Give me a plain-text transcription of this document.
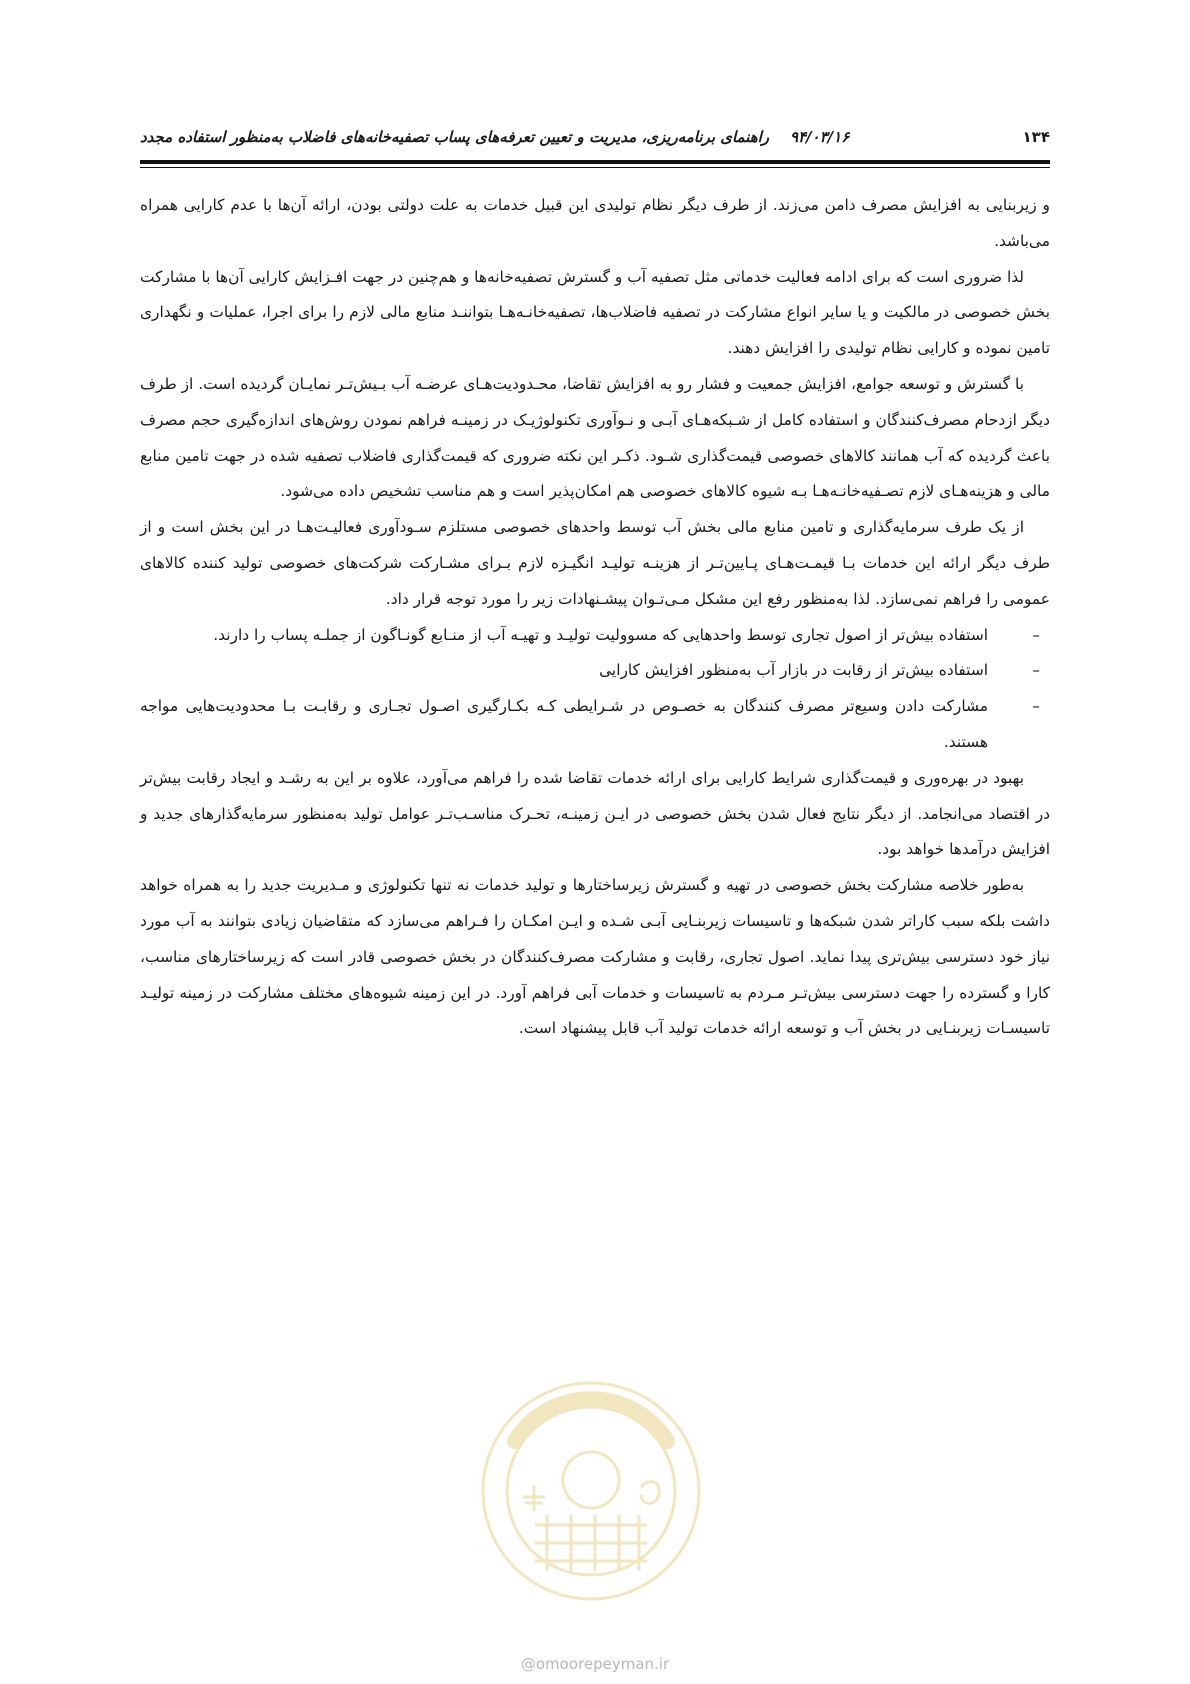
۱۳۴
۹۴/۰۳/۱۶    راهنمای برنامه‌ریزی، مدیریت و تعیین تعرفه‌های پساب تصفیه‌خانه‌های فاضلاب به‌منظور استفاده مجدد

و زیربنایی به افزایش مصرف دامن می‌زند. از طرف دیگر نظام تولیدی این قبیل خدمات به علت دولتی بودن، ارائه آن‌ها با عدم کارایی همراه می‌باشد.

لذا ضروری است که برای ادامه فعالیت خدماتی مثل تصفیه آب و گسترش تصفیه‌خانه‌ها و هم‌چنین در جهت افـزایش کارایی آن‌ها با مشارکت بخش خصوصی در مالکیت و یا سایر انواع مشارکت در تصفیه فاضلاب‌ها، تصفیه‌خانـه‌هـا بتواننـد منابع مالی لازم را برای اجرا، عملیات و نگهداری تامین نموده و کارایی نظام تولیدی را افزایش دهند.

با گسترش و توسعه جوامع، افزایش جمعیت و فشار رو به افزایش تقاضا، محـدودیت‌هـای عرضـه آب بـیش‌تـر نمایـان گردیده است. از طرف دیگر ازدحام مصرف‌کنندگان و استفاده کامل از شـبکه‌هـای آبـی و نـوآوری تکنولوژیـک در زمینـه فراهم نمودن روش‌های اندازه‌گیری حجم مصرف باعث گردیده که آب همانند کالاهای خصوصی قیمت‌گذاری شـود. ذکـر این نکته ضروری که قیمت‌گذاری فاضلاب تصفیه شده در جهت تامین منابع مالی و هزینه‌هـای لازم تصـفیه‌خانـه‌هـا بـه شیوه کالاهای خصوصی هم امکان‌پذیر است و هم مناسب تشخیص داده می‌شود.

از یک طرف سرمایه‌گذاری و تامین منابع مالی بخش آب توسط واحدهای خصوصی مستلزم سـودآوری فعالیـت‌هـا در این بخش است و از طرف دیگر ارائه این خدمات بـا قیمـت‌هـای پـایین‌تـر از هزینـه تولیـد انگیـزه لازم بـرای مشـارکت شرکت‌های خصوصی تولید کننده کالاهای عمومی را فراهم نمی‌سازد. لذا به‌منظور رفع این مشکل مـی‌تـوان پیشـنهادات زیر را مورد توجه قرار داد.

–
استفاده بیش‌تر از اصول تجاری توسط واحدهایی که مسوولیت تولیـد و تهیـه آب از منـابع گونـاگون از جملـه پساب را دارند.
–
استفاده بیش‌تر از رقابت در بازار آب به‌منظور افزایش کارایی
–
مشارکت دادن وسیع‌تر مصرف کنندگان به خصـوص در شـرایطی کـه بکـارگیری اصـول تجـاری و رقابـت بـا محدودیت‌هایی مواجه هستند.

بهبود در بهره‌وری و قیمت‌گذاری شرایط کارایی برای ارائه خدمات تقاضا شده را فراهم می‌آورد، علاوه بر این به رشـد و ایجاد رقابت بیش‌تر در اقتصاد می‌انجامد. از دیگر نتایج فعال شدن بخش خصوصی در ایـن زمینـه، تحـرک مناسـب‌تـر عوامل تولید به‌منظور سرمایه‌گذارهای جدید و افزایش درآمدها خواهد بود.

به‌طور خلاصه مشارکت بخش خصوصی در تهیه و گسترش زیرساختارها و تولید خدمات نه تنها تکنولوژی و مـدیریت جدید را به همراه خواهد داشت بلکه سبب کاراتر شدن شبکه‌ها و تاسیسات زیربنـایی آبـی شـده و ایـن امکـان را فـراهم می‌سازد که متقاضیان زیادی بتوانند به آب مورد نیاز خود دسترسی بیش‌تری پیدا نماید. اصول تجاری، رقابت و مشارکت مصرف‌کنندگان در بخش خصوصی قادر است که زیرساختارهای مناسب، کارا و گسترده را جهت دسترسی بیش‌تـر مـردم به تاسیسات و خدمات آبی فراهم آورد. در این زمینه شیوه‌های مختلف مشارکت در زمینه تولیـد تاسیسـات زیربنـایی در بخش آب و توسعه ارائه خدمات تولید آب قابل پیشنهاد است.

@omoorepeyman.ir
